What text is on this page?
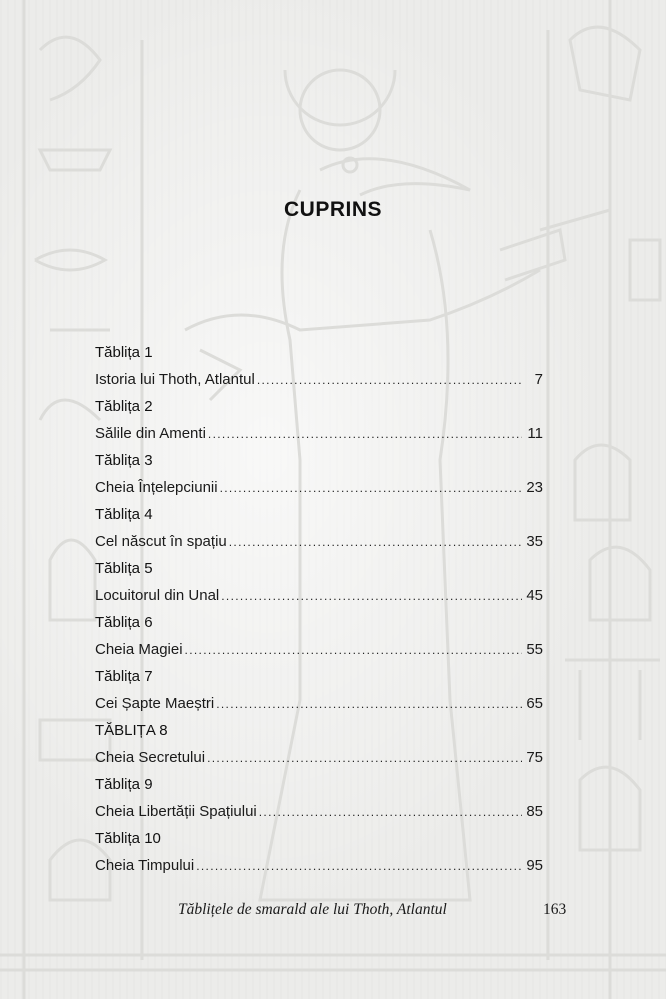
CUPRINS
Tăblița 1
Istoria lui Thoth, Atlantul . . .	7
Tăblița 2
Sălile din Amenti . . .	11
Tăblița 3
Cheia Înțelepciunii . . .	23
Tăblița 4
Cel născut în spațiu . . .	35
Tăblița 5
Locuitorul din Unal . . .	45
Tăblița 6
Cheia Magiei . . .	55
Tăblița 7
Cei Șapte Maeștri . . .	65
TĂBLIȚA 8
Cheia Secretului . . .	75
Tăblița 9
Cheia Libertății Spațiului . . .	85
Tăblița 10
Cheia Timpului . . .	95
Tăblițele de smarald ale lui Thoth, Atlantul	163
